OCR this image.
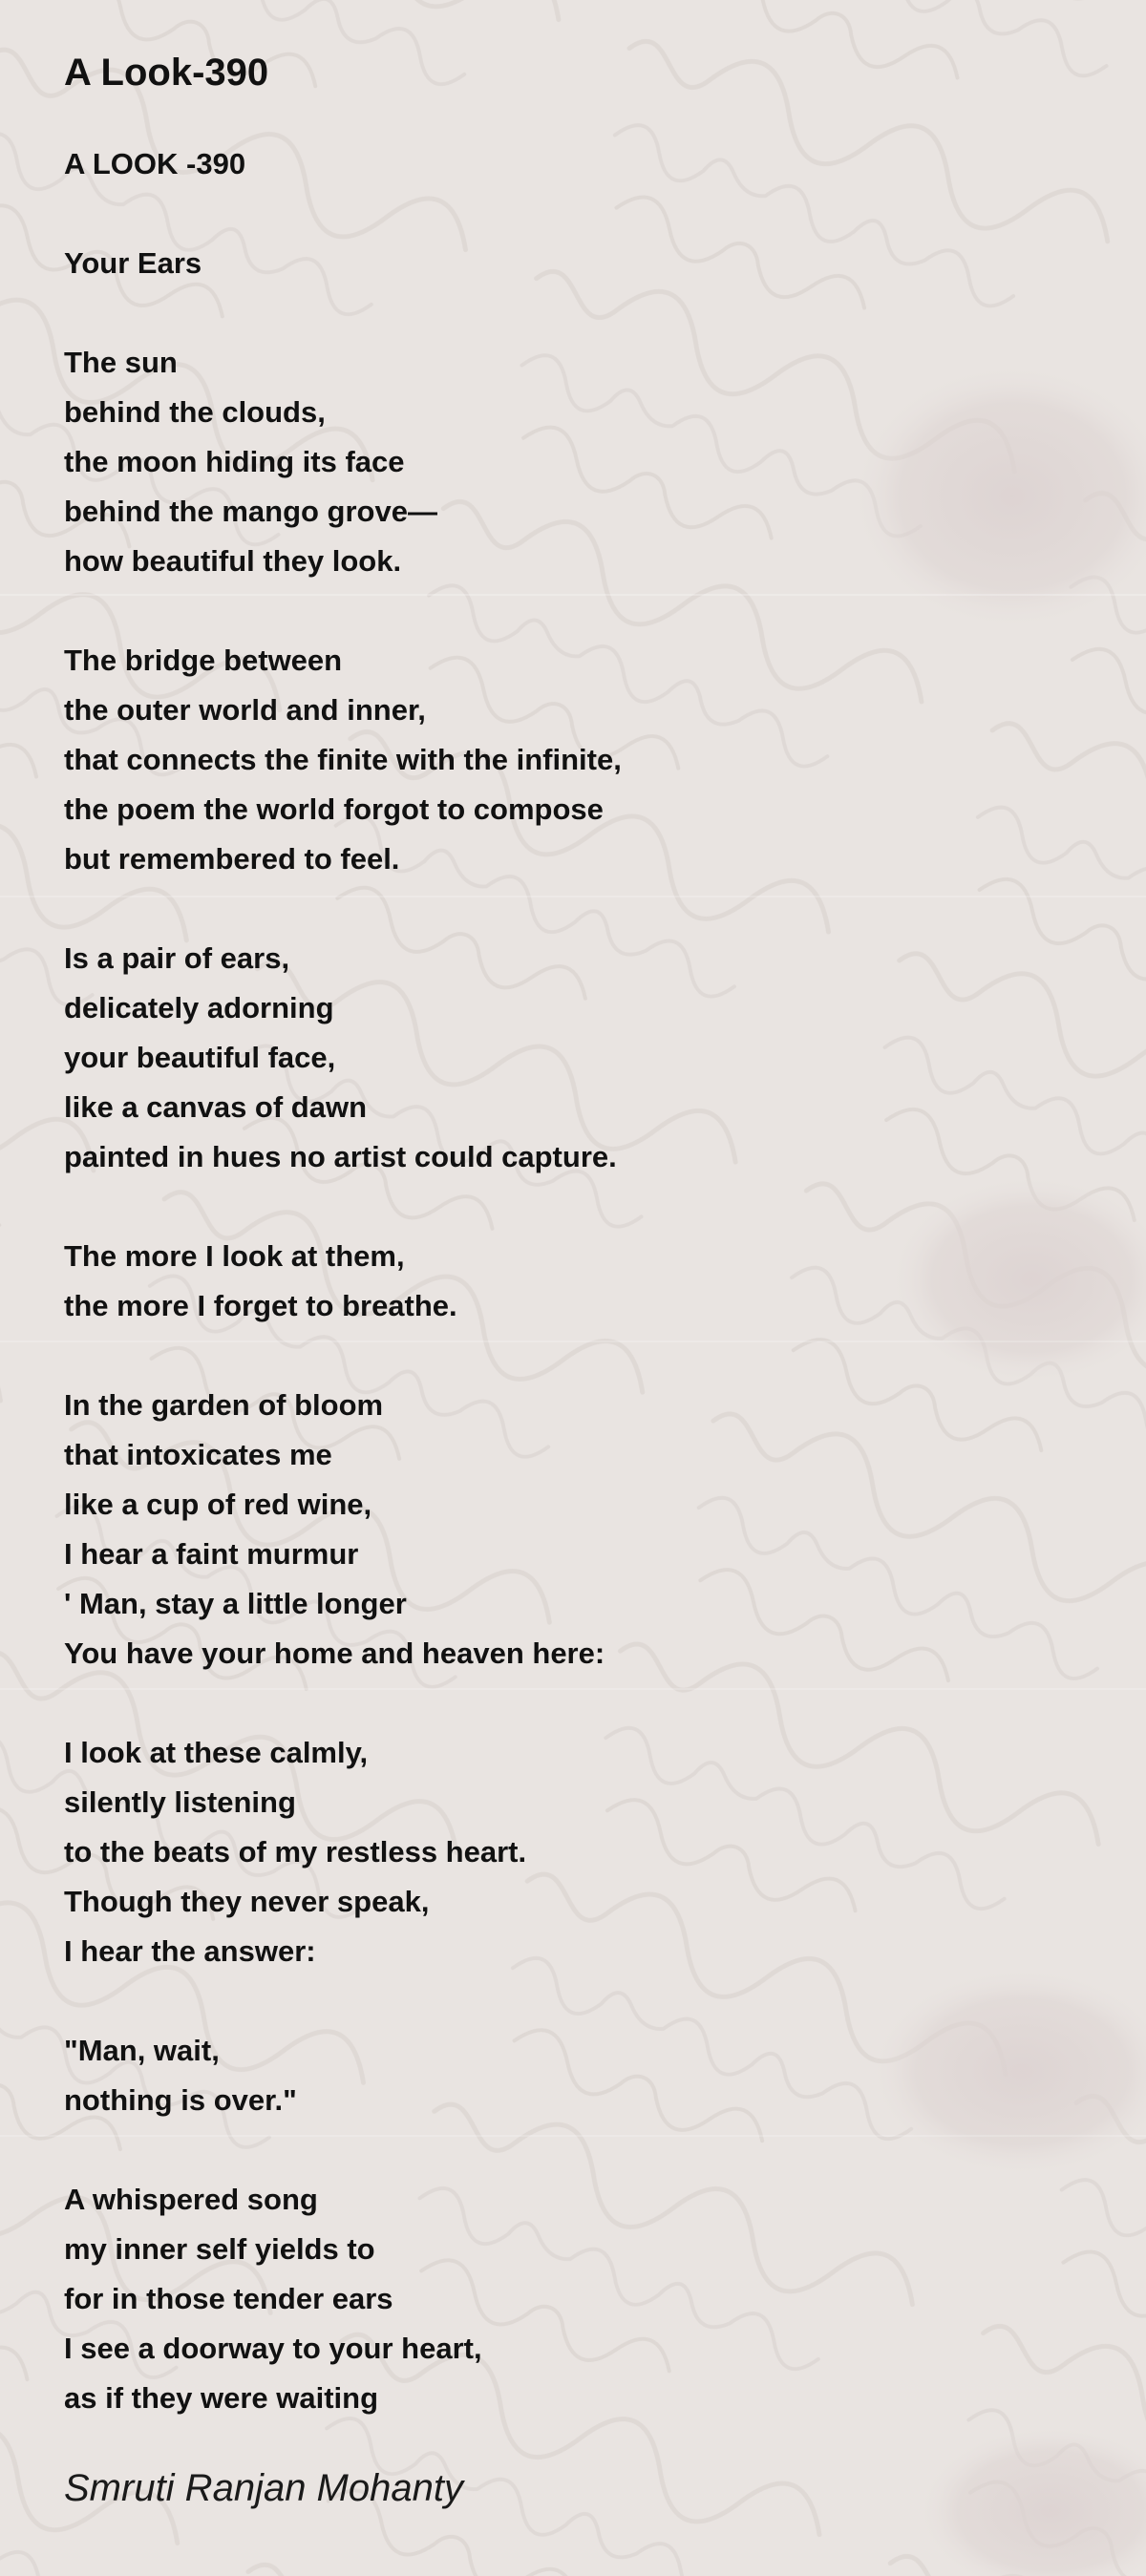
A Look-390
A LOOK -390
Your Ears
The sun
behind the clouds,
the moon hiding its face
behind the mango grove—
how beautiful they look.
The bridge between
the outer world and inner,
that connects the finite with the infinite,
the poem the world forgot to compose
but remembered to feel.
Is a pair of ears,
delicately adorning
your beautiful face,
like a canvas of dawn
painted in hues no artist could capture.
The more I look at them,
the more I forget to breathe.
In the garden of bloom
that intoxicates me
like a cup of red wine,
I hear a faint murmur
' Man, stay a little longer
You have your home and heaven here:
I look at these calmly,
silently listening
to the beats of my restless heart.
Though they never speak,
I hear the answer:
"Man, wait,
nothing is over."
A whispered song
my inner self yields to
for in those tender ears
I see a doorway to your heart,
as if they were waiting
Smruti Ranjan Mohanty
